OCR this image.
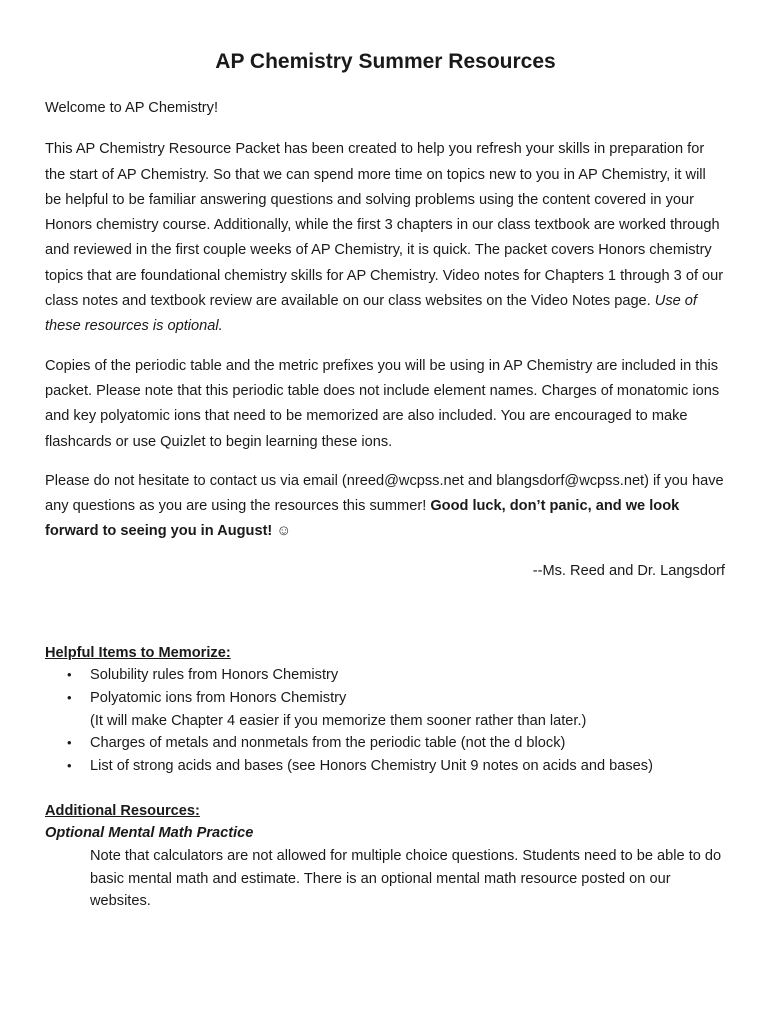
AP Chemistry Summer Resources

Welcome to AP Chemistry!

This AP Chemistry Resource Packet has been created to help you refresh your skills in preparation for the start of AP Chemistry. So that we can spend more time on topics new to you in AP Chemistry, it will be helpful to be familiar answering questions and solving problems using the content covered in your Honors chemistry course. Additionally, while the first 3 chapters in our class textbook are worked through and reviewed in the first couple weeks of AP Chemistry, it is quick. The packet covers Honors chemistry topics that are foundational chemistry skills for AP Chemistry. Video notes for Chapters 1 through 3 of our class notes and textbook review are available on our class websites on the Video Notes page. Use of these resources is optional.

Copies of the periodic table and the metric prefixes you will be using in AP Chemistry are included in this packet. Please note that this periodic table does not include element names. Charges of monatomic ions and key polyatomic ions that need to be memorized are also included. You are encouraged to make flashcards or use Quizlet to begin learning these ions.

Please do not hesitate to contact us via email (nreed@wcpss.net and blangsdorf@wcpss.net) if you have any questions as you are using the resources this summer! Good luck, don’t panic, and we look forward to seeing you in August! ☺

--Ms. Reed and Dr. Langsdorf

Helpful Items to Memorize:
• Solubility rules from Honors Chemistry
• Polyatomic ions from Honors Chemistry
(It will make Chapter 4 easier if you memorize them sooner rather than later.)
• Charges of metals and nonmetals from the periodic table (not the d block)
• List of strong acids and bases (see Honors Chemistry Unit 9 notes on acids and bases)
Additional Resources:
Optional Mental Math Practice

Note that calculators are not allowed for multiple choice questions. Students need to be able to do basic mental math and estimate. There is an optional mental math resource posted on our websites.
